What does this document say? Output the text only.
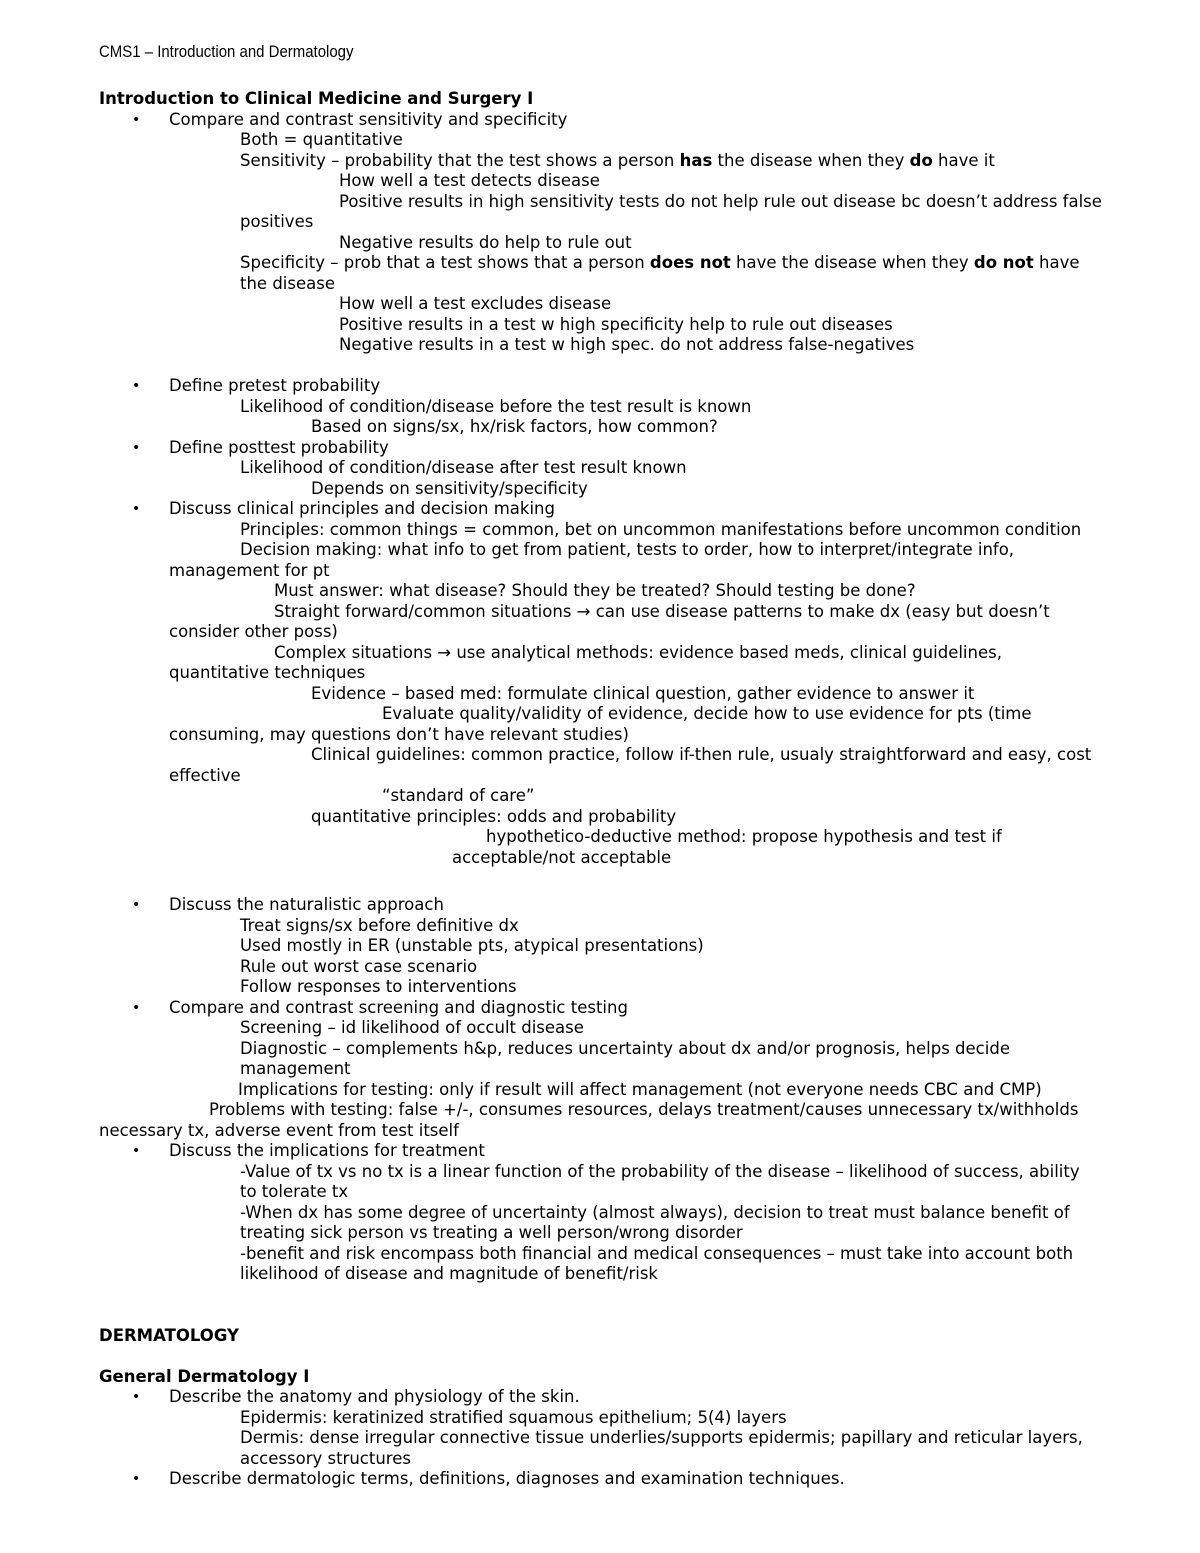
CMS1 – Introduction and Dermatology
Introduction to Clinical Medicine and Surgery I
• Compare and contrast sensitivity and specificity
Both = quantitative
Sensitivity – probability that the test shows a person has the disease when they do have it
How well a test detects disease
Positive results in high sensitivity tests do not help rule out disease bc doesn’t address false
positives
Negative results do help to rule out
Specificity – prob that a test shows that a person does not have the disease when they do not have
the disease
How well a test excludes disease
Positive results in a test w high specificity help to rule out diseases
Negative results in a test w high spec. do not address false-negatives
• Define pretest probability
Likelihood of condition/disease before the test result is known
Based on signs/sx, hx/risk factors, how common?
• Define posttest probability
Likelihood of condition/disease after test result known
Depends on sensitivity/specificity
• Discuss clinical principles and decision making
Principles: common things = common, bet on uncommon manifestations before uncommon condition
Decision making: what info to get from patient, tests to order, how to interpret/integrate info,
management for pt
Must answer: what disease? Should they be treated? Should testing be done?
Straight forward/common situations → can use disease patterns to make dx (easy but doesn’t
consider other poss)
Complex situations → use analytical methods: evidence based meds, clinical guidelines,
quantitative techniques
Evidence – based med: formulate clinical question, gather evidence to answer it
Evaluate quality/validity of evidence, decide how to use evidence for pts (time
consuming, may questions don’t have relevant studies)
Clinical guidelines: common practice, follow if-then rule, usualy straightforward and easy, cost
effective
“standard of care”
quantitative principles: odds and probability
hypothetico-deductive method: propose hypothesis and test if
acceptable/not acceptable
• Discuss the naturalistic approach
Treat signs/sx before definitive dx
Used mostly in ER (unstable pts, atypical presentations)
Rule out worst case scenario
Follow responses to interventions
• Compare and contrast screening and diagnostic testing
Screening – id likelihood of occult disease
Diagnostic – complements h&p, reduces uncertainty about dx and/or prognosis, helps decide
management
Implications for testing: only if result will affect management (not everyone needs CBC and CMP)
Problems with testing: false +/-, consumes resources, delays treatment/causes unnecessary tx/withholds
necessary tx, adverse event from test itself
• Discuss the implications for treatment
-Value of tx vs no tx is a linear function of the probability of the disease – likelihood of success, ability
to tolerate tx
-When dx has some degree of uncertainty (almost always), decision to treat must balance benefit of
treating sick person vs treating a well person/wrong disorder
-benefit and risk encompass both financial and medical consequences – must take into account both
likelihood of disease and magnitude of benefit/risk
DERMATOLOGY
General Dermatology I
• Describe the anatomy and physiology of the skin.
Epidermis: keratinized stratified squamous epithelium; 5(4) layers
Dermis: dense irregular connective tissue underlies/supports epidermis; papillary and reticular layers,
accessory structures
• Describe dermatologic terms, definitions, diagnoses and examination techniques.
